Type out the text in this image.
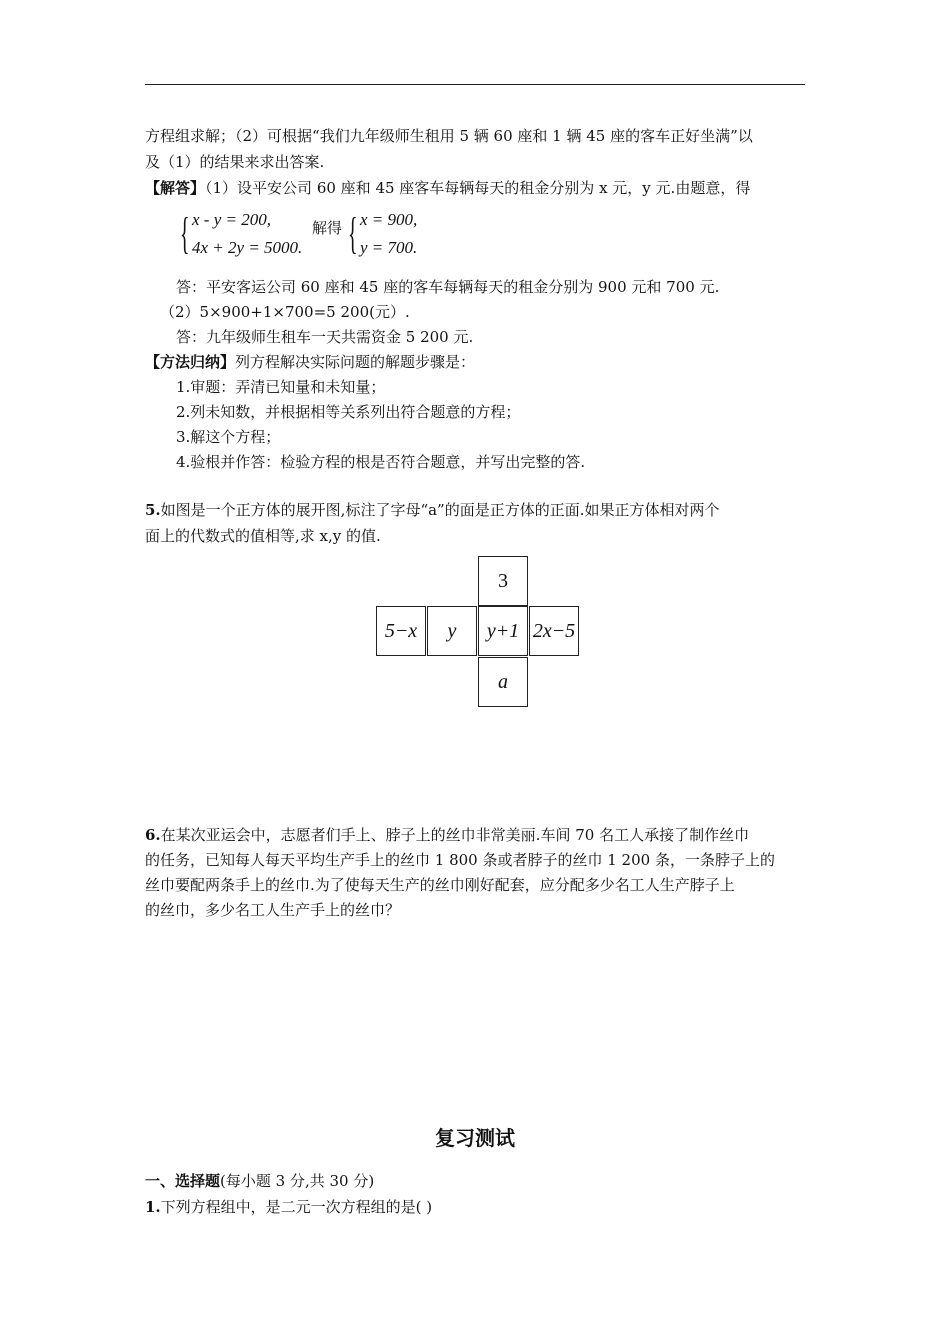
方程组求解；（2）可根据“我们九年级师生租用 5 辆 60 座和 1 辆 45 座的客车正好坐满”以
及（1）的结果来求出答案.
【解答】（1）设平安公司 60 座和 45 座客车每辆每天的租金分别为 x 元，y 元.由题意，得
{ x - y = 200,
4x + 2y = 5000.
解得 { x = 900,
y = 700.
答：平安客运公司 60 座和 45 座的客车每辆每天的租金分别为 900 元和 700 元.
（2）5×900+1×700=5 200(元）.
答：九年级师生租车一天共需资金 5 200 元.
【方法归纳】列方程解决实际问题的解题步骤是：
1.审题：弄清已知量和未知量；
2.列未知数，并根据相等关系列出符合题意的方程；
3.解这个方程；
4.验根并作答：检验方程的根是否符合题意，并写出完整的答.
5.如图是一个正方体的展开图,标注了字母“a”的面是正方体的正面.如果正方体相对两个
面上的代数式的值相等,求 x,y 的值.
3
5−x	y	y+1 2x−5
a
6.在某次亚运会中，志愿者们手上、脖子上的丝巾非常美丽.车间 70 名工人承接了制作丝巾
的任务，已知每人每天平均生产手上的丝巾 1 800 条或者脖子的丝巾 1 200 条，一条脖子上的
丝巾要配两条手上的丝巾.为了使每天生产的丝巾刚好配套，应分配多少名工人生产脖子上
的丝巾，多少名工人生产手上的丝巾？
复习测试
一、选择题(每小题 3 分,共 30 分)
1.下列方程组中，是二元一次方程组的是( )
